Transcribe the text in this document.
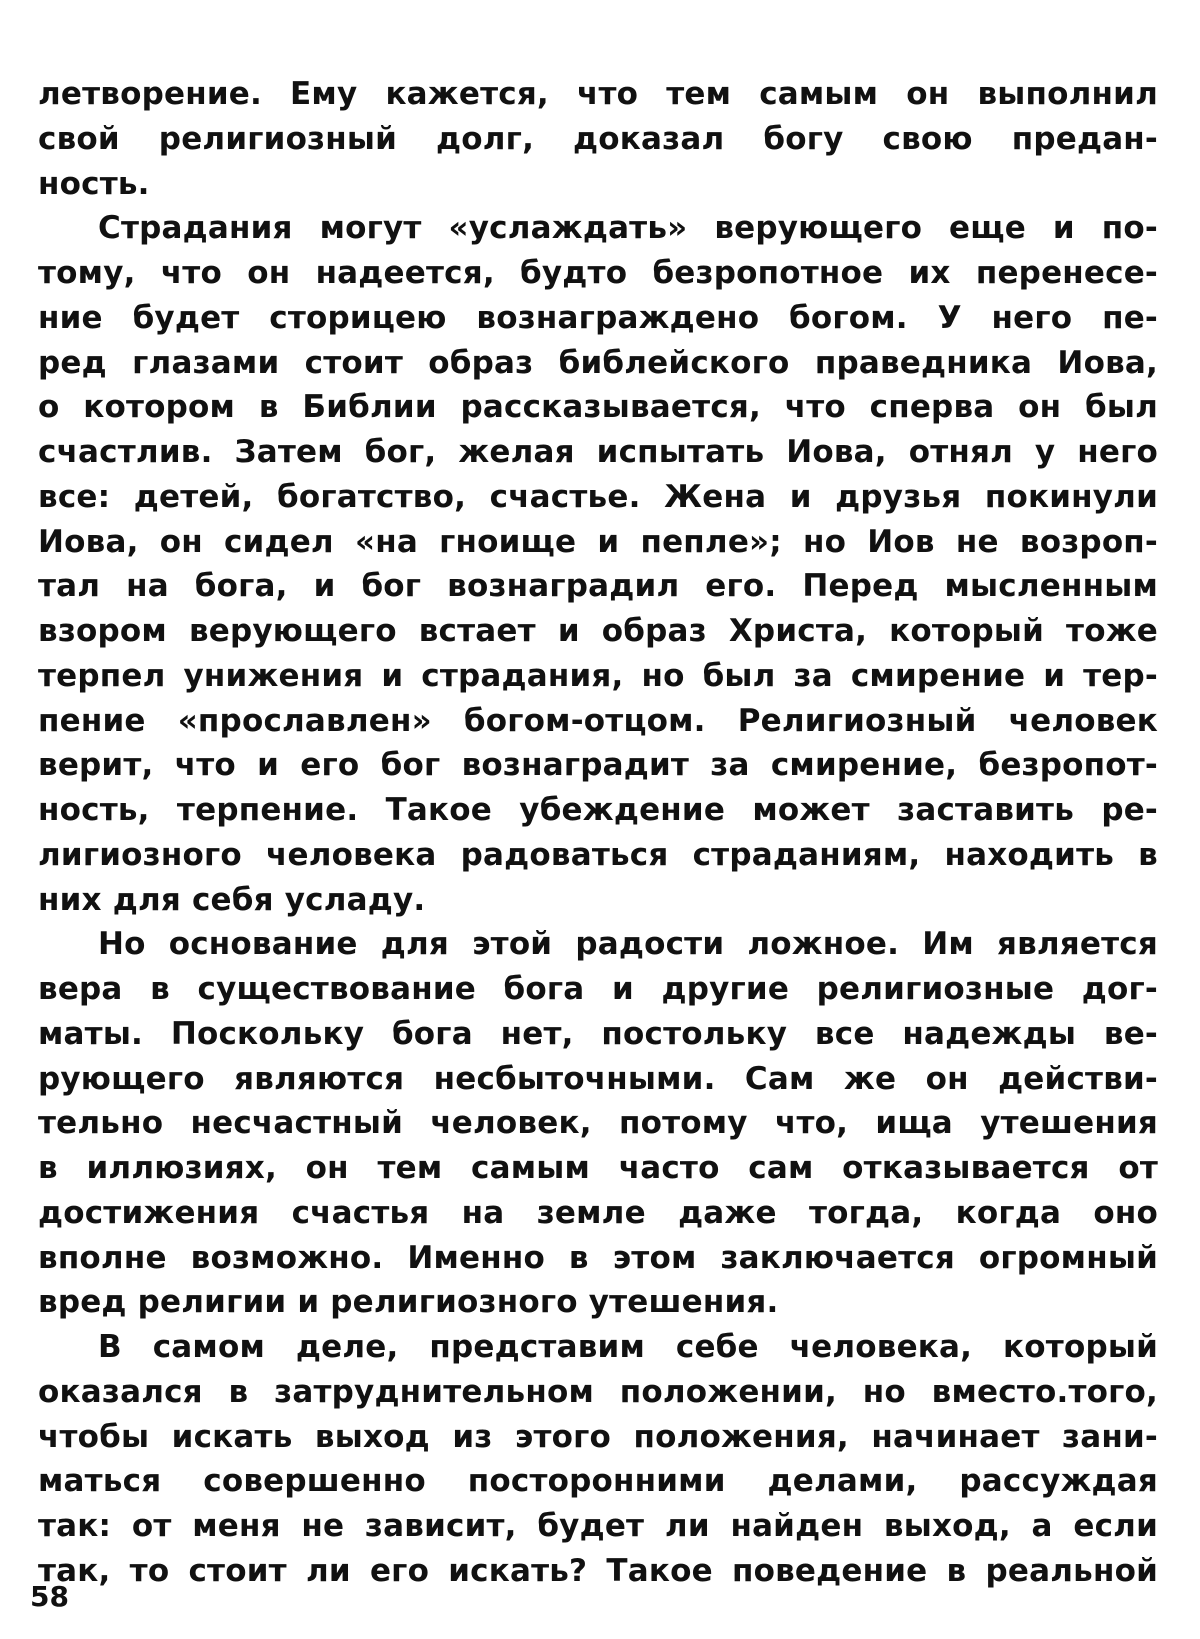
летворение. Ему кажется, что тем самым он выполнил
свой религиозный долг, доказал богу свою предан-
ность.
Страдания могут «услаждать» верующего еще и по-
тому, что он надеется, будто безропотное их перенесе-
ние будет сторицею вознаграждено богом. У него пе-
ред глазами стоит образ библейского праведника Иова,
о котором в Библии рассказывается, что сперва он был
счастлив. Затем бог, желая испытать Иова, отнял у него
все: детей, богатство, счастье. Жена и друзья покинули
Иова, он сидел «на гноище и пепле»; но Иов не возроп-
тал на бога, и бог вознаградил его. Перед мысленным
взором верующего встает и образ Христа, который тоже
терпел унижения и страдания, но был за смирение и тер-
пение «прославлен» богом-отцом. Религиозный человек
верит, что и его бог вознаградит за смирение, безропот-
ность, терпение. Такое убеждение может заставить ре-
лигиозного человека радоваться страданиям, находить в
них для себя усладу.
Но основание для этой радости ложное. Им является
вера в существование бога и другие религиозные дог-
маты. Поскольку бога нет, постольку все надежды ве-
рующего являются несбыточными. Сам же он действи-
тельно несчастный человек, потому что, ища утешения
в иллюзиях, он тем самым часто сам отказывается от
достижения счастья на земле даже тогда, когда оно
вполне возможно. Именно в этом заключается огромный
вред религии и религиозного утешения.
В самом деле, представим себе человека, который
оказался в затруднительном положении, но вместо.того,
чтобы искать выход из этого положения, начинает зани-
маться совершенно посторонними делами, рассуждая
так: от меня не зависит, будет ли найден выход, а если
так, то стоит ли его искать? Такое поведение в реальной
58
